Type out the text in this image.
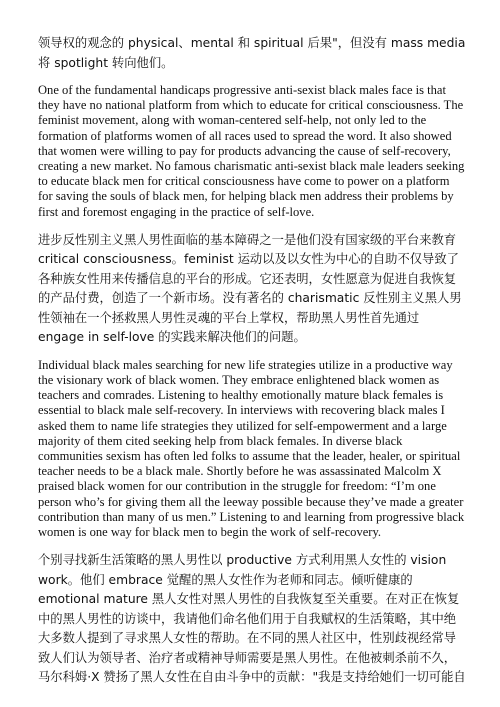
领导权的观念的 physical、mental 和 spiritual 后果"，但没有 mass media 将 spotlight 转向他们。

One of the fundamental handicaps progressive anti-sexist black males face is that they have no national platform from which to educate for critical consciousness. The feminist movement, along with woman-centered self-help, not only led to the formation of platforms women of all races used to spread the word. It also showed that women were willing to pay for products advancing the cause of self-recovery, creating a new market. No famous charismatic anti-sexist black male leaders seeking to educate black men for critical consciousness have come to power on a platform for saving the souls of black men, for helping black men address their problems by first and foremost engaging in the practice of self-love.

进步反性别主义黑人男性面临的基本障碍之一是他们没有国家级的平台来教育 critical consciousness。feminist 运动以及以女性为中心的自助不仅导致了各种族女性用来传播信息的平台的形成。它还表明，女性愿意为促进自我恢复的产品付费，创造了一个新市场。没有著名的 charismatic 反性别主义黑人男性领袖在一个拯救黑人男性灵魂的平台上掌权，帮助黑人男性首先通过 engage in self-love 的实践来解决他们的问题。

Individual black males searching for new life strategies utilize in a productive way the visionary work of black women. They embrace enlightened black women as teachers and comrades. Listening to healthy emotionally mature black females is essential to black male self-recovery. In interviews with recovering black males I asked them to name life strategies they utilized for self-empowerment and a large majority of them cited seeking help from black females. In diverse black communities sexism has often led folks to assume that the leader, healer, or spiritual teacher needs to be a black male. Shortly before he was assassinated Malcolm X praised black women for our contribution in the struggle for freedom: “I’m one person who’s for giving them all the leeway possible because they’ve made a greater contribution than many of us men.” Listening to and learning from progressive black women is one way for black men to begin the work of self-recovery.

个别寻找新生活策略的黑人男性以 productive 方式利用黑人女性的 vision work。他们 embrace 觉醒的黑人女性作为老师和同志。倾听健康的 emotional mature 黑人女性对黑人男性的自我恢复至关重要。在对正在恢复中的黑人男性的访谈中，我请他们命名他们用于自我赋权的生活策略，其中绝大多数人提到了寻求黑人女性的帮助。在不同的黑人社区中，性别歧视经常导致人们认为领导者、治疗者或精神导师需要是黑人男性。在他被刺杀前不久，马尔科姆·X 赞扬了黑人女性在自由斗争中的贡献："我是支持给她们一切可能自
